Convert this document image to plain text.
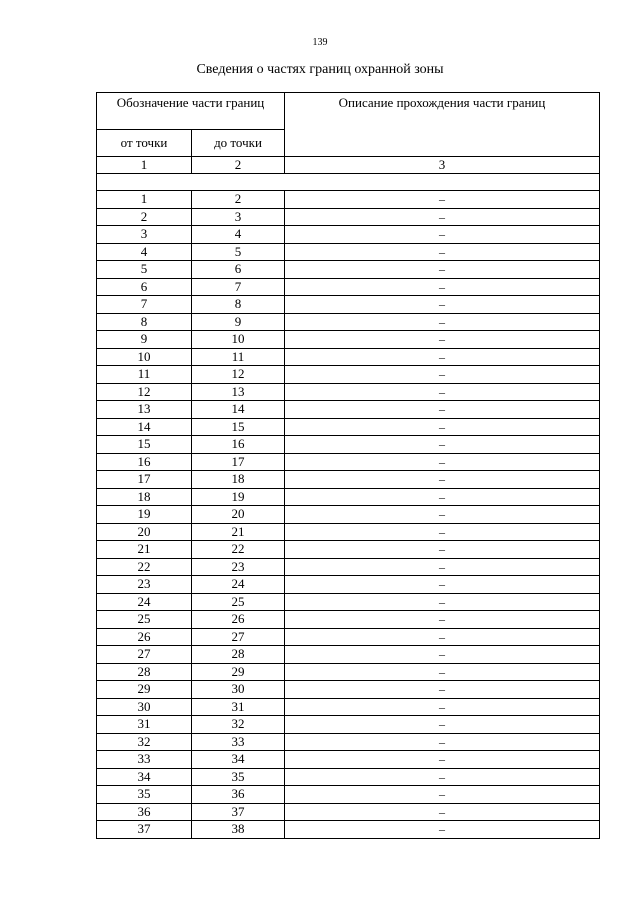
139
Сведения о частях границ охранной зоны
Обозначение части границ		Описание прохождения части границ
от точки	до точки	
1	2	3

1	2	–
2	3	–
3	4	–
4	5	–
5	6	–
6	7	–
7	8	–
8	9	–
9	10	–
10	11	–
11	12	–
12	13	–
13	14	–
14	15	–
15	16	–
16	17	–
17	18	–
18	19	–
19	20	–
20	21	–
21	22	–
22	23	–
23	24	–
24	25	–
25	26	–
26	27	–
27	28	–
28	29	–
29	30	–
30	31	–
31	32	–
32	33	–
33	34	–
34	35	–
35	36	–
36	37	–
37	38	–
